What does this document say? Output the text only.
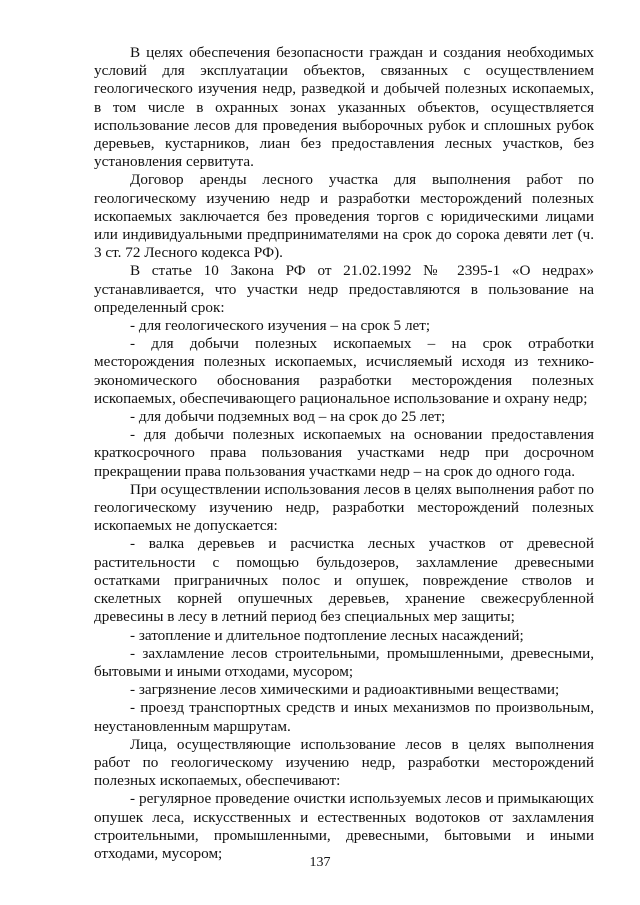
В целях обеспечения безопасности граждан и создания необходимых условий для эксплуатации объектов, связанных с осуществлением геологического изучения недр, разведкой и добычей полезных ископаемых, в том числе в охранных зонах указанных объектов, осуществляется использование лесов для проведения выборочных рубок и сплошных рубок деревьев, кустарников, лиан без предоставления лесных участков, без установления сервитута.

Договор аренды лесного участка для выполнения работ по геологическому изучению недр и разработки месторождений полезных ископаемых заключается без проведения торгов с юридическими лицами или индивидуальными предпринимателями на срок до сорока девяти лет (ч. 3 ст. 72 Лесного кодекса РФ).

В статье 10 Закона РФ от 21.02.1992 № 2395-1 «О недрах» устанавливается, что участки недр предоставляются в пользование на определенный срок:

- для геологического изучения – на срок 5 лет;

- для добычи полезных ископаемых – на срок отработки месторождения полезных ископаемых, исчисляемый исходя из технико-экономического обоснования разработки месторождения полезных ископаемых, обеспечивающего рациональное использование и охрану недр;

- для добычи подземных вод – на срок до 25 лет;

- для добычи полезных ископаемых на основании предоставления краткосрочного права пользования участками недр при досрочном прекращении права пользования участками недр – на срок до одного года.

При осуществлении использования лесов в целях выполнения работ по геологическому изучению недр, разработки месторождений полезных ископаемых не допускается:

- валка деревьев и расчистка лесных участков от древесной растительности с помощью бульдозеров, захламление древесными остатками приграничных полос и опушек, повреждение стволов и скелетных корней опушечных деревьев, хранение свежесрубленной древесины в лесу в летний период без специальных мер защиты;

- затопление и длительное подтопление лесных насаждений;

- захламление лесов строительными, промышленными, древесными, бытовыми и иными отходами, мусором;

- загрязнение лесов химическими и радиоактивными веществами;

- проезд транспортных средств и иных механизмов по произвольным, неустановленным маршрутам.

Лица, осуществляющие использование лесов в целях выполнения работ по геологическому изучению недр, разработки месторождений полезных ископаемых, обеспечивают:

- регулярное проведение очистки используемых лесов и примыкающих опушек леса, искусственных и естественных водотоков от захламления строительными, промышленными, древесными, бытовыми и иными отходами, мусором;

137
